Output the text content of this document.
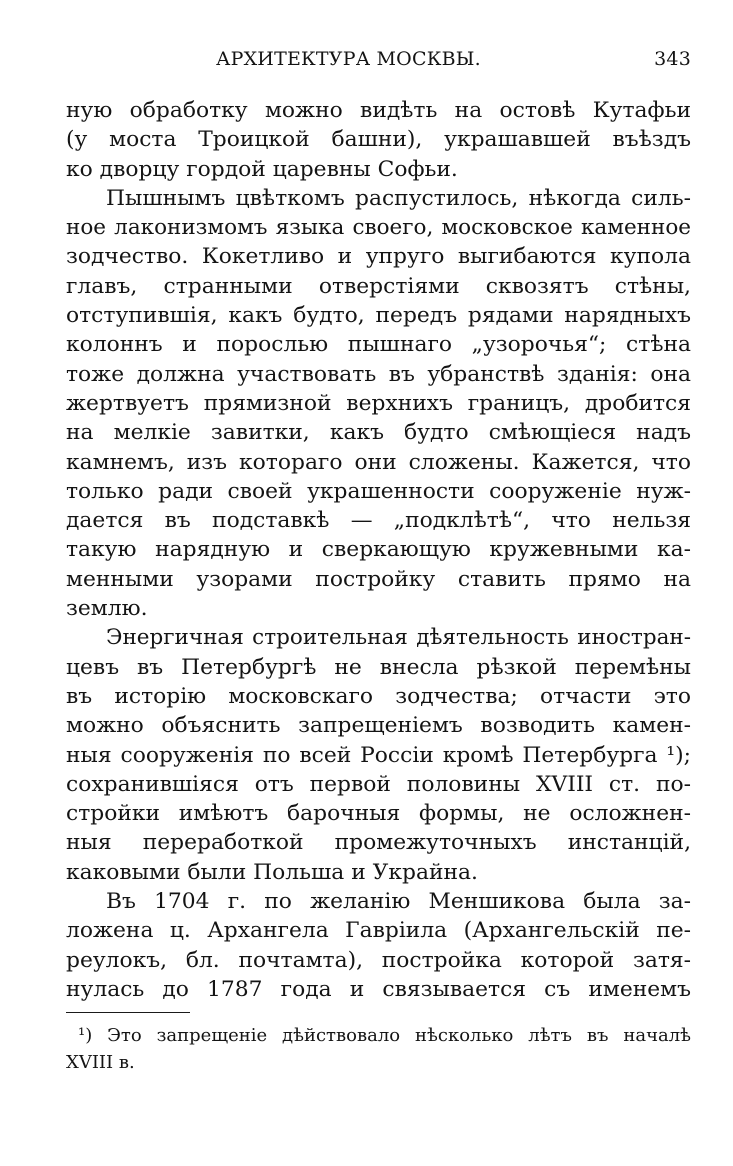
АРХИТЕКТУРА МОСКВЫ.	343
ную обработку можно видѣть на остовѣ Кутафьи
(у моста Троицкой башни), украшавшей въѣздъ
ко дворцу гордой царевны Софьи.
Пышнымъ цвѣткомъ распустилось, нѣкогда силь-
ное лаконизмомъ языка своего, московское каменное
зодчество. Кокетливо и упруго выгибаются купола
главъ, странными отверстіями сквозятъ стѣны,
отступившія, какъ будто, передъ рядами нарядныхъ
колоннъ и порослью пышнаго „узорочья“; стѣна
тоже должна участвовать въ убранствѣ зданія: она
жертвуетъ прямизной верхнихъ границъ, дробится
на мелкіе завитки, какъ будто смѣющіеся надъ
камнемъ, изъ котораго они сложены. Кажется, что
только ради своей украшенности сооруженіе нуж-
дается въ подставкѣ — „подклѣтѣ“, что нельзя
такую нарядную и сверкающую кружевными ка-
менными узорами постройку ставить прямо на
землю.
Энергичная строительная дѣятельность иностран-
цевъ въ Петербургѣ не внесла рѣзкой перемѣны
въ исторію московскаго зодчества; отчасти это
можно объяснить запрещеніемъ возводить камен-
ныя сооруженія по всей Россіи кромѣ Петербурга ¹);
сохранившіяся отъ первой половины XVIII ст. по-
стройки имѣютъ барочныя формы, не осложнен-
ныя переработкой промежуточныхъ инстанцій,
каковыми были Польша и Украйна.
Въ 1704 г. по желанію Меншикова была за-
ложена ц. Архангела Гавріила (Архангельскій пе-
реулокъ, бл. почтамта), постройка которой затя-
нулась до 1787 года и связывается съ именемъ
¹) Это запрещеніе дѣйствовало нѣсколько лѣтъ въ началѣ
XVIII в.
